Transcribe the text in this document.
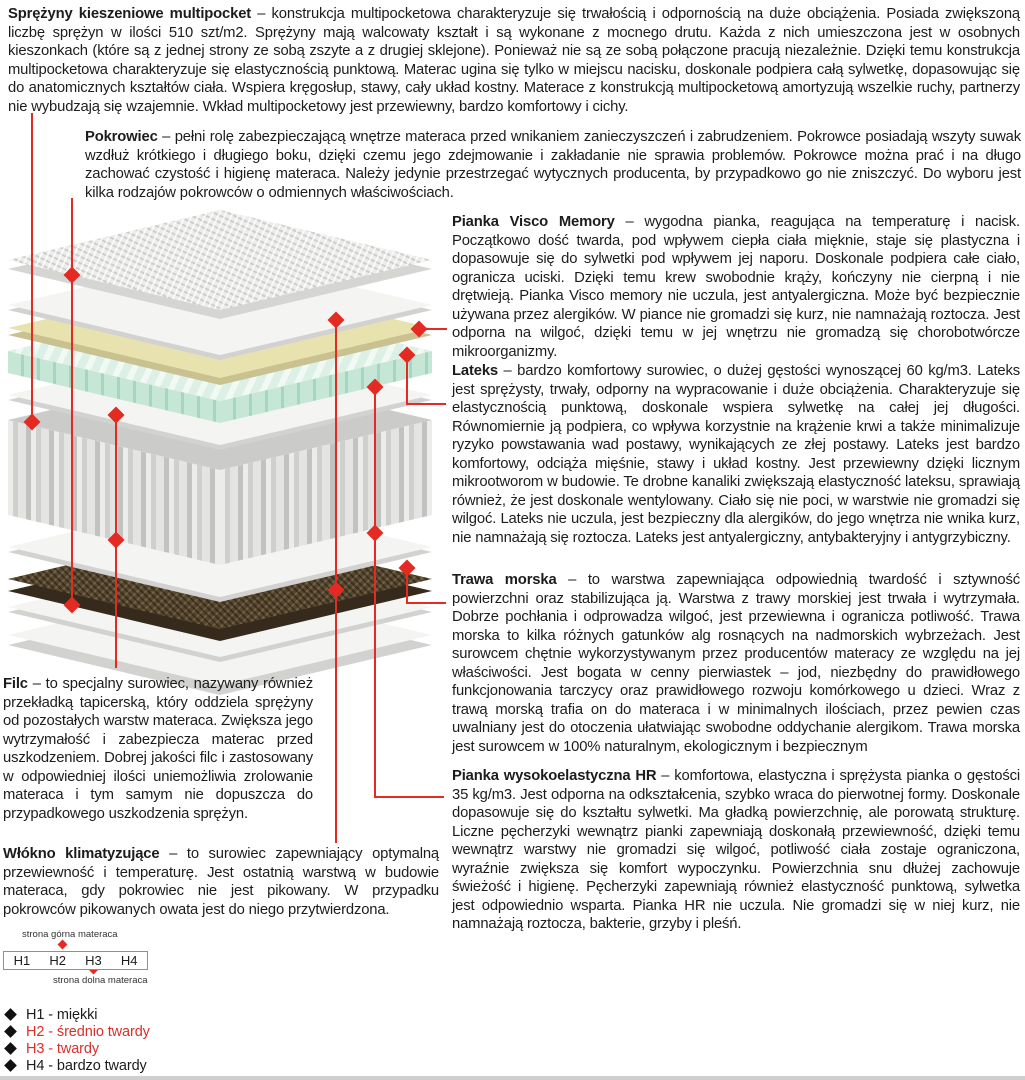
Sprężyny kieszeniowe multipocket – konstrukcja multipocketowa charakteryzuje się trwałością i odpornością na duże obciążenia. Posiada zwiększoną liczbę sprężyn w ilości 510 szt/m2. Sprężyny mają walcowaty kształt i są wykonane z mocnego drutu. Każda z nich umieszczona jest w osobnych kieszonkach (które są z jednej strony ze sobą zszyte a z drugiej sklejone). Ponieważ nie są ze sobą połączone pracują niezależnie. Dzięki temu konstrukcja multipocketowa charakteryzuje się elastycznością punktową. Materac ugina się tylko w miejscu nacisku, doskonale podpiera całą sylwetkę, dopasowując się do anatomicznych kształtów ciała. Wspiera kręgosłup, stawy, cały układ kostny. Materace z konstrukcją multipocketową amortyzują wszelkie ruchy, partnerzy nie wybudzają się wzajemnie. Wkład multipocketowy jest przewiewny, bardzo komfortowy i cichy.
Pokrowiec – pełni rolę zabezpieczającą wnętrze materaca przed wnikaniem zanieczyszczeń i zabrudzeniem. Pokrowce posiadają wszyty suwak wzdłuż krótkiego i długiego boku, dzięki czemu jego zdejmowanie i zakładanie nie sprawia problemów. Pokrowce można prać i na długo zachować czystość i higienę materaca. Należy jedynie przestrzegać wytycznych producenta, by przypadkowo go nie zniszczyć. Do wyboru jest kilka rodzajów pokrowców o odmiennych właściwościach.
Pianka Visco Memory – wygodna pianka, reagująca na temperaturę i nacisk. Początkowo dość twarda, pod wpływem ciepła ciała mięknie, staje się plastyczna i dopasowuje się do sylwetki pod wpływem jej naporu. Doskonale podpiera całe ciało, ogranicza uciski. Dzięki temu krew swobodnie krąży, kończyny nie cierpną i nie drętwieją. Pianka Visco memory nie uczula, jest antyalergiczna. Może być bezpiecznie używana przez alergików. W piance nie gromadzi się kurz, nie namnażają roztocza. Jest odporna na wilgoć, dzięki temu w jej wnętrzu nie gromadzą się chorobotwórcze mikroorganizmy.
Lateks – bardzo komfortowy surowiec, o dużej gęstości wynoszącej 60 kg/m3. Lateks jest sprężysty, trwały, odporny na wypracowanie i duże obciążenia. Charakteryzuje się elastycznością punktową, doskonale wspiera sylwetkę na całej jej długości. Równomiernie ją podpiera, co wpływa korzystnie na krążenie krwi a także minimalizuje ryzyko powstawania wad postawy, wynikających ze złej postawy. Lateks jest bardzo komfortowy, odciąża mięśnie, stawy i układ kostny. Jest przewiewny dzięki licznym mikrootworom w budowie. Te drobne kanaliki zwiększają elastyczność lateksu, sprawiają również, że jest doskonale wentylowany. Ciało się nie poci, w warstwie nie gromadzi się wilgoć. Lateks nie uczula, jest bezpieczny dla alergików, do jego wnętrza nie wnika kurz, nie namnażają się roztocza. Lateks jest antyalergiczny, antybakteryjny i antygrzybiczny.
Trawa morska – to warstwa zapewniająca odpowiednią twardość i sztywność powierzchni oraz stabilizująca ją. Warstwa z trawy morskiej jest trwała i wytrzymała. Dobrze pochłania i odprowadza wilgoć, jest przewiewna i ogranicza potliwość. Trawa morska to kilka różnych gatunków alg rosnących na nadmorskich wybrzeżach. Jest surowcem chętnie wykorzystywanym przez producentów materacy ze względu na jej właściwości. Jest bogata w cenny pierwiastek – jod, niezbędny do prawidłowego funkcjonowania tarczycy oraz prawidłowego rozwoju komórkowego u dzieci. Wraz z trawą morską trafia on do materaca i w minimalnych ilościach, przez pewien czas uwalniany jest do otoczenia ułatwiając swobodne oddychanie alergikom. Trawa morska jest surowcem w 100% naturalnym, ekologicznym i bezpiecznym
Filc – to specjalny surowiec, nazywany również przekładką tapicerską, który oddziela sprężyny od pozostałych warstw materaca. Zwiększa jego wytrzymałość i zabezpiecza materac przed uszkodzeniem. Dobrej jakości filc i zastosowany w odpowiedniej ilości uniemożliwia zrolowanie materaca i tym samym nie dopuszcza do przypadkowego uszkodzenia sprężyn.
Włókno klimatyzujące – to surowiec zapewniający optymalną przewiewność i temperaturę. Jest ostatnią warstwą w budowie materaca, gdy pokrowiec nie jest pikowany. W przypadku pokrowców pikowanych owata jest do niego przytwierdzona.
Pianka wysokoelastyczna HR – komfortowa, elastyczna i sprężysta pianka o gęstości 35 kg/m3. Jest odporna na odkształcenia, szybko wraca do pierwotnej formy. Doskonale dopasowuje się do kształtu sylwetki. Ma gładką powierzchnię, ale porowatą strukturę. Liczne pęcherzyki wewnątrz pianki zapewniają doskonałą przewiewność, dzięki temu wewnątrz warstwy nie gromadzi się wilgoć, potliwość ciała zostaje ograniczona, wyraźnie zwiększa się komfort wypoczynku. Powierzchnia snu dłużej zachowuje świeżość i higienę. Pęcherzyki zapewniają również elastyczność punktową, sylwetka jest odpowiednio wsparta. Pianka HR nie uczula. Nie gromadzi się w niej kurz, nie namnażają roztocza, bakterie, grzyby i pleśń.
strona górna materaca
H1 H2 H3 H4
strona dolna materaca
H1 - miękki
H2 - średnio twardy
H3 - twardy
H4 - bardzo twardy
